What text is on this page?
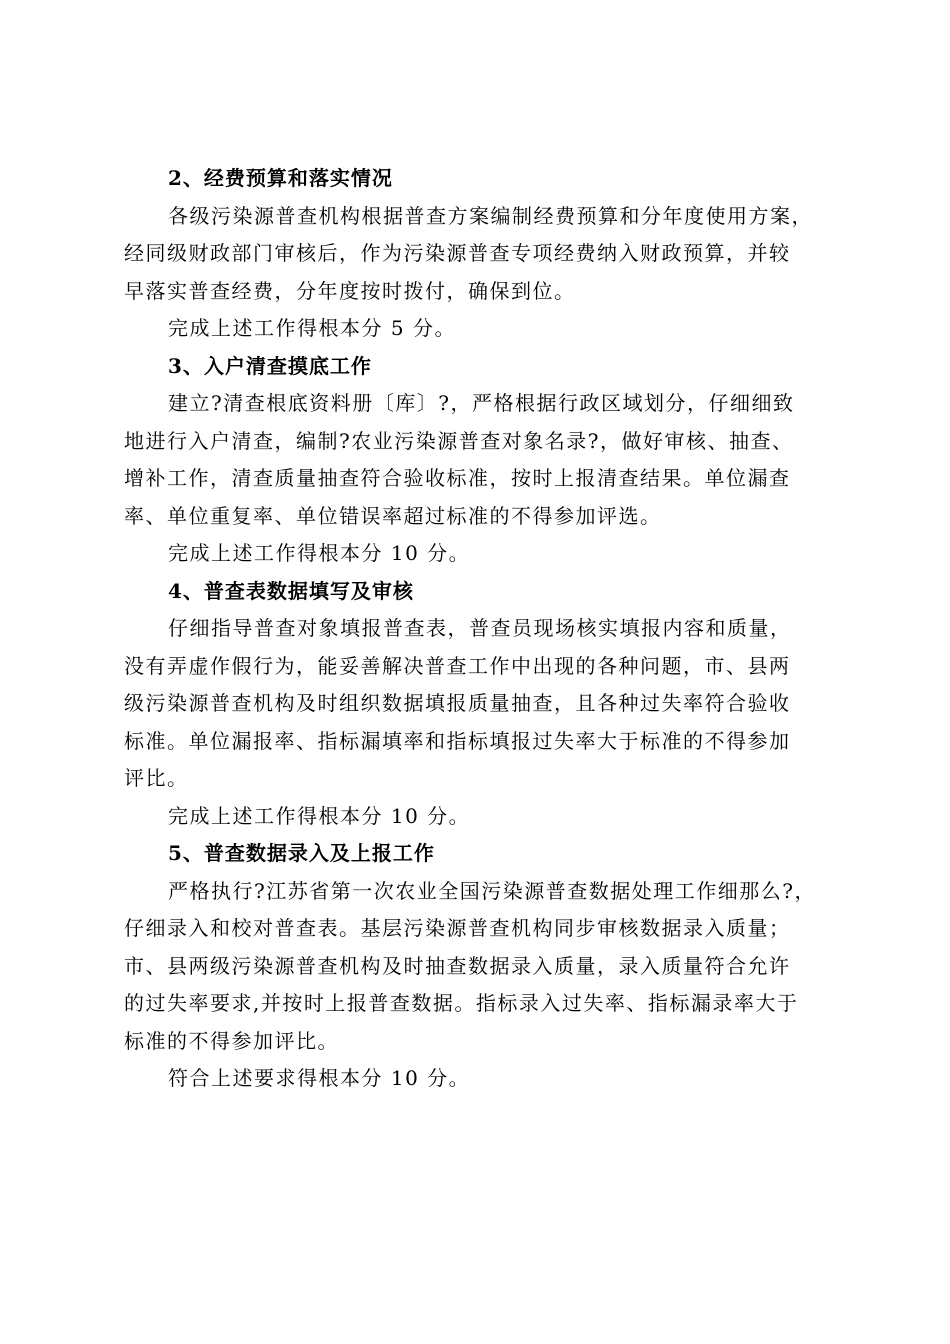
2、经费预算和落实情况

各级污染源普查机构根据普查方案编制经费预算和分年度使用方案，

经同级财政部门审核后，作为污染源普查专项经费纳入财政预算，并较

早落实普查经费，分年度按时拨付，确保到位。

完成上述工作得根本分 5 分。

3、入户清查摸底工作

建立?清查根底资料册〔库〕?，严格根据行政区域划分，仔细细致

地进行入户清查，编制?农业污染源普查对象名录?，做好审核、抽查、

增补工作，清查质量抽查符合验收标准，按时上报清查结果。单位漏查

率、单位重复率、单位错误率超过标准的不得参加评选。

完成上述工作得根本分 10 分。

4、普查表数据填写及审核

仔细指导普查对象填报普查表，普查员现场核实填报内容和质量，

没有弄虚作假行为，能妥善解决普查工作中出现的各种问题，市、县两

级污染源普查机构及时组织数据填报质量抽查，且各种过失率符合验收

标准。单位漏报率、指标漏填率和指标填报过失率大于标准的不得参加

评比。

完成上述工作得根本分 10 分。

5、普查数据录入及上报工作

严格执行?江苏省第一次农业全国污染源普查数据处理工作细那么?，

仔细录入和校对普查表。基层污染源普查机构同步审核数据录入质量；

市、县两级污染源普查机构及时抽查数据录入质量，录入质量符合允许

的过失率要求,并按时上报普查数据。指标录入过失率、指标漏录率大于

标准的不得参加评比。

符合上述要求得根本分 10 分。
